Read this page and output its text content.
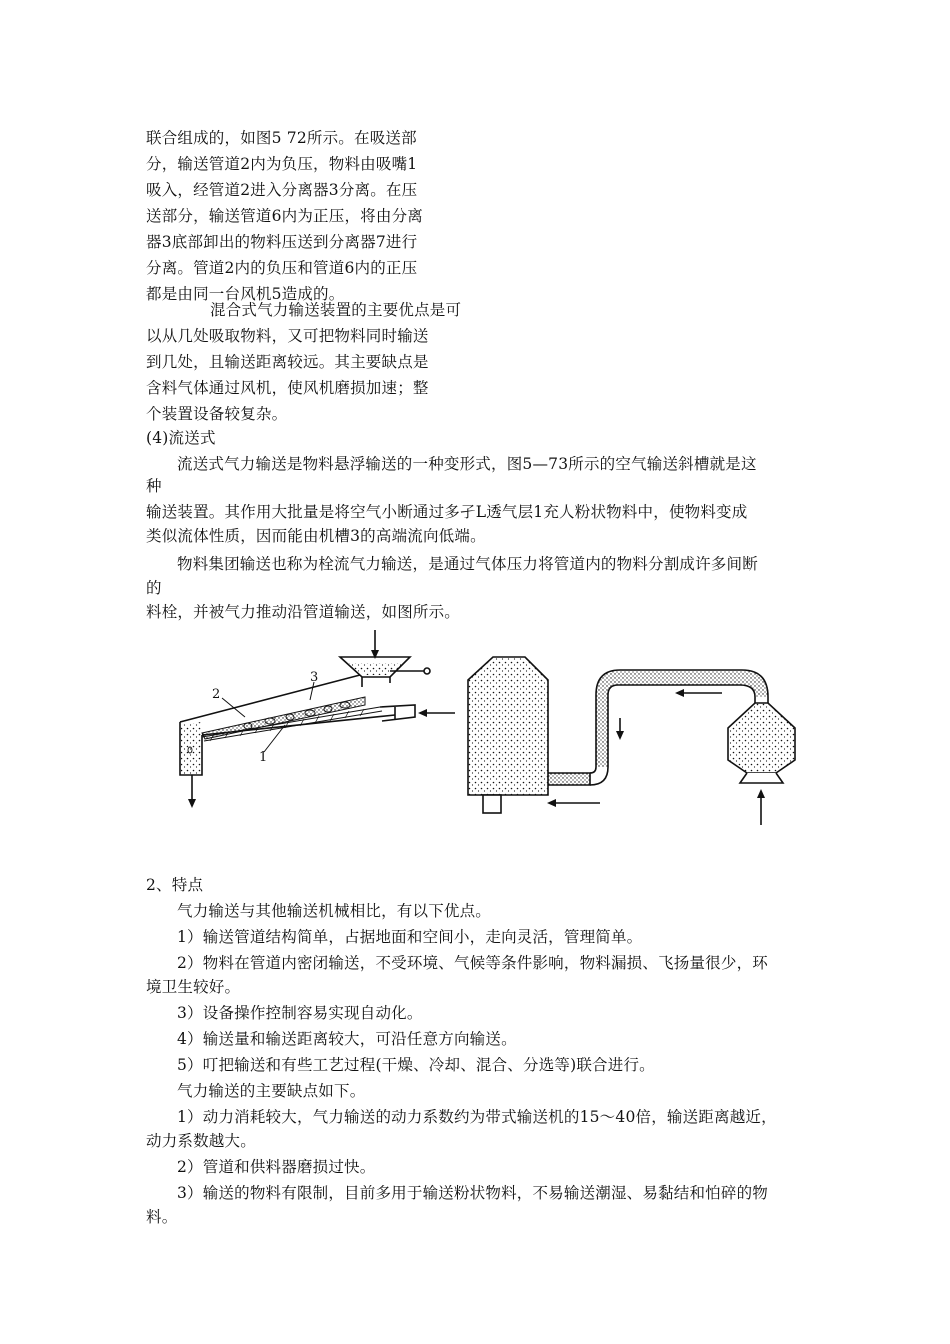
联合组成的，如图5 72所示。在吸送部
分，输送管道2内为负压，物料由吸嘴1
吸入，经管道2进入分离器3分离。在压
送部分，输送管道6内为正压，将由分离
器3底部卸出的物料压送到分离器7进行
分离。管道2内的负压和管道6内的正压
都是由同一台风机5造成的。
混合式气力输送装置的主要优点是可
以从几处吸取物料，又可把物料同时输送
到几处，且输送距离较远。其主要缺点是
含料气体通过风机，使风机磨损加速；整
个装置设备较复杂。
(4)流送式
流送式气力输送是物料悬浮输送的一种变形式，图5—73所示的空气输送斜槽就是这
种
输送装置。其作用大批量是将空气小断通过多孑L透气层1充人粉状物料中，使物料变成
类似流体性质，因而能由机槽3的高端流向低端。
物料集团输送也称为栓流气力输送，是通过气体压力将管道内的物料分割成许多间断
的
料栓，并被气力推动沿管道输送，如图所示。
2
3
1
2、特点
气力输送与其他输送机械相比，有以下优点。
1）输送管道结构简单，占据地面和空间小，走向灵活，管理简单。
2）物料在管道内密闭输送，不受环境、气候等条件影响，物料漏损、飞扬量很少，环
境卫生较好。
3）设备操作控制容易实现自动化。
4）输送量和输送距离较大，可沿任意方向输送。
5）叮把输送和有些工艺过程(干燥、冷却、混合、分选等)联合进行。
气力输送的主要缺点如下。
1）动力消耗较大，气力输送的动力系数约为带式输送机的15～40倍，输送距离越近，
动力系数越大。
2）管道和供料器磨损过快。
3）输送的物料有限制，目前多用于输送粉状物料，不易输送潮湿、易黏结和怕碎的物
料。
